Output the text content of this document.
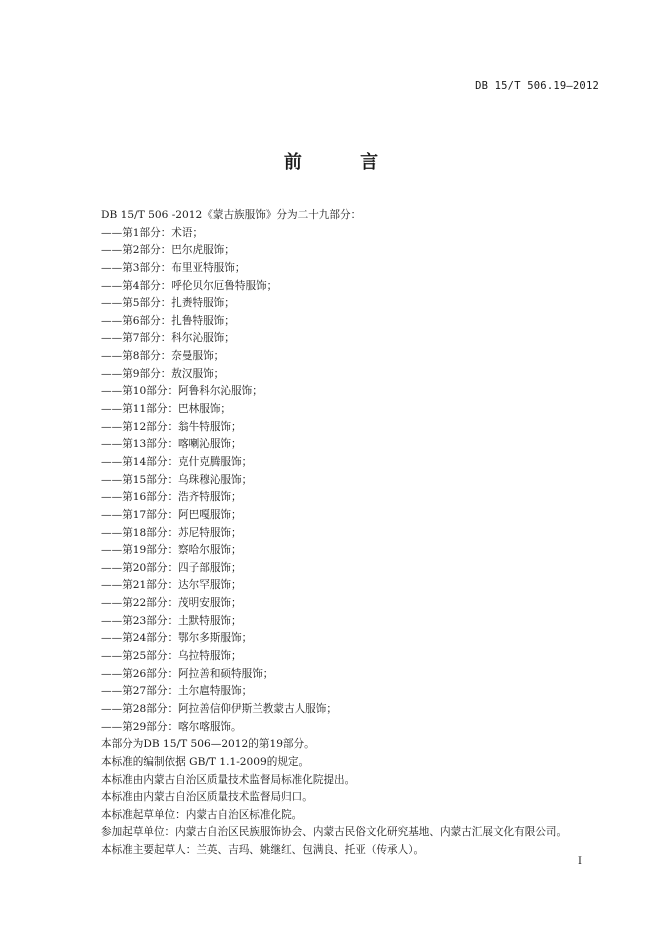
DB 15/T 506.19—2012
前 言
DB 15/T 506 -2012《蒙古族服饰》分为二十九部分：
——第1部分：术语；
——第2部分：巴尔虎服饰；
——第3部分：布里亚特服饰；
——第4部分：呼伦贝尔厄鲁特服饰；
——第5部分：扎赉特服饰；
——第6部分：扎鲁特服饰；
——第7部分：科尔沁服饰；
——第8部分：奈曼服饰；
——第9部分：敖汉服饰；
——第10部分：阿鲁科尔沁服饰；
——第11部分：巴林服饰；
——第12部分：翁牛特服饰；
——第13部分：喀喇沁服饰；
——第14部分：克什克腾服饰；
——第15部分：乌珠穆沁服饰；
——第16部分：浩齐特服饰；
——第17部分：阿巴嘎服饰；
——第18部分：苏尼特服饰；
——第19部分：察哈尔服饰；
——第20部分：四子部服饰；
——第21部分：达尔罕服饰；
——第22部分：茂明安服饰；
——第23部分：土默特服饰；
——第24部分：鄂尔多斯服饰；
——第25部分：乌拉特服饰；
——第26部分：阿拉善和硕特服饰；
——第27部分：土尔扈特服饰；
——第28部分：阿拉善信仰伊斯兰教蒙古人服饰；
——第29部分：喀尔喀服饰。
本部分为DB 15/T 506—2012的第19部分。
本标准的编制依据 GB/T 1.1-2009的规定。
本标准由内蒙古自治区质量技术监督局标准化院提出。
本标准由内蒙古自治区质量技术监督局归口。
本标准起草单位：内蒙古自治区标准化院。
参加起草单位：内蒙古自治区民族服饰协会、内蒙古民俗文化研究基地、内蒙古汇展文化有限公司。
本标准主要起草人：兰英、吉玛、姚继红、包满良、托亚（传承人）。
I
